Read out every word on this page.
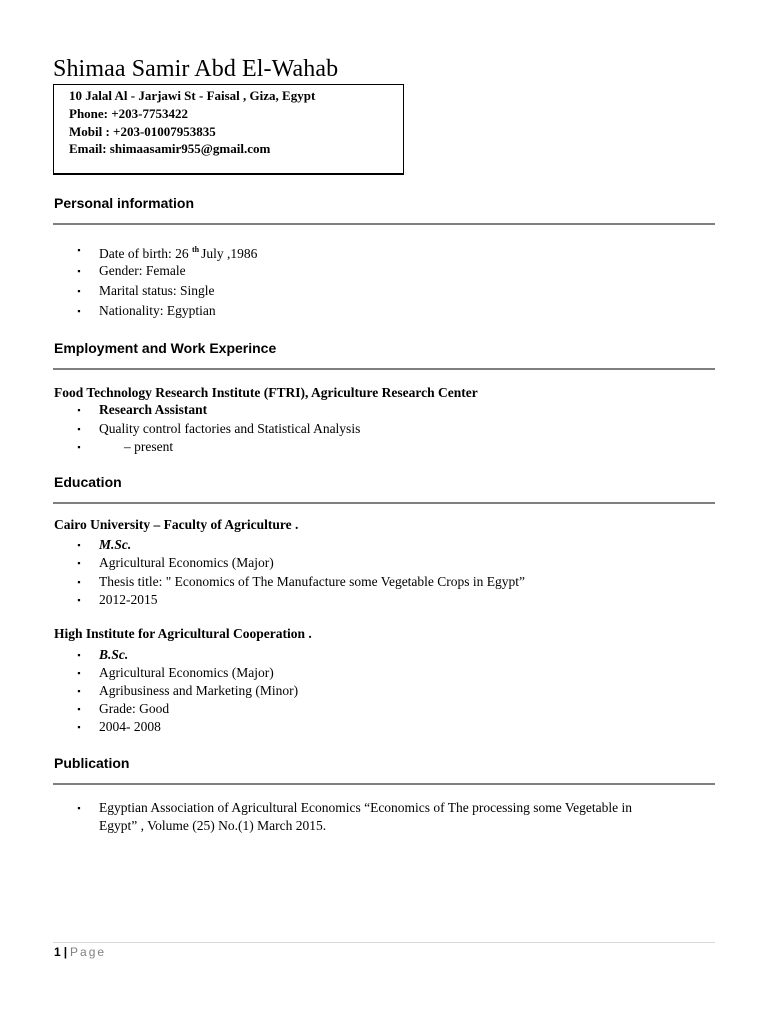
Shimaa Samir Abd El-Wahab
10 Jalal Al - Jarjawi St - Faisal , Giza, Egypt
Phone: +203-7753422
Mobil : +203-01007953835
Email: shimaasamir955@gmail.com
Personal information
▪ Date of birth: 26 $^{th}$ July ,1986
▪ Gender: Female
▪ Marital status: Single
▪ Nationality: Egyptian
Employment and Work Experince
Food Technology Research Institute (FTRI), Agriculture Research Center
▪ Research Assistant
▪ Quality control factories and Statistical Analysis
▪	– present
Education
Cairo University – Faculty of Agriculture .
▪ M.Sc.
▪ Agricultural Economics (Major)
▪ Thesis title: " Economics of The Manufacture some Vegetable Crops in Egypt”
▪ 2012-2015
High Institute for Agricultural Cooperation .
▪ B.Sc.
▪ Agricultural Economics (Major)
▪ Agribusiness and Marketing (Minor)
▪ Grade: Good
▪ 2004- 2008
Publication
▪ Egyptian Association of Agricultural Economics “Economics of The processing some Vegetable in
Egypt” , Volume (25) No.(1) March 2015.
1 | Page
